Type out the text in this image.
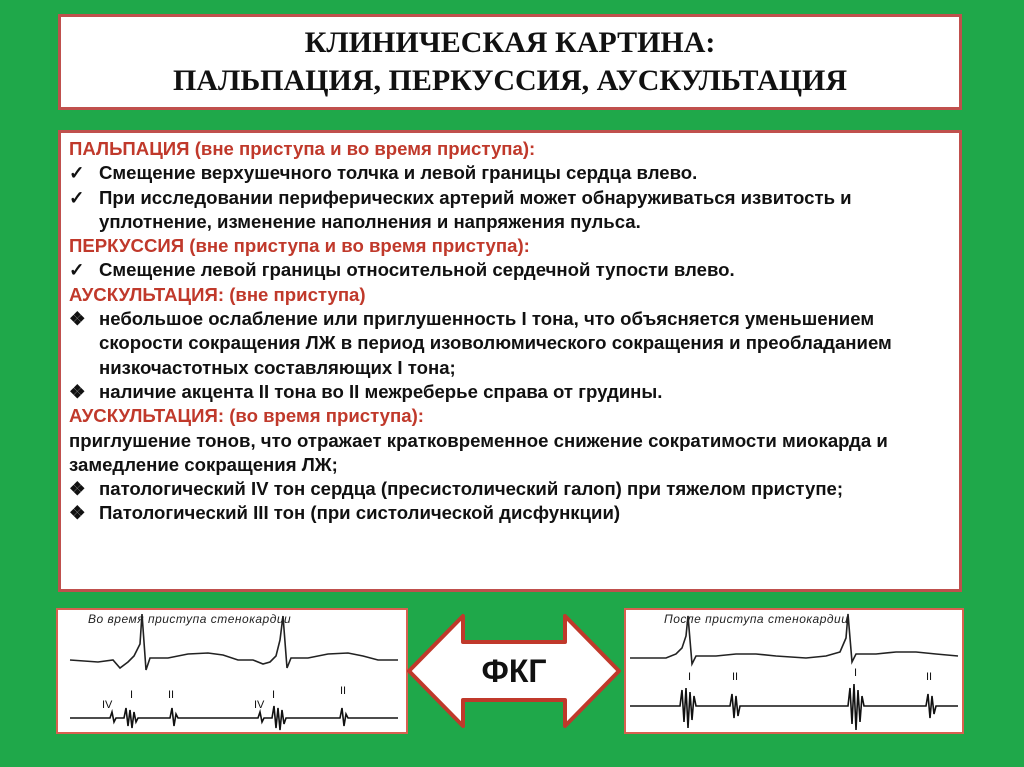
КЛИНИЧЕСКАЯ КАРТИНА:
ПАЛЬПАЦИЯ, ПЕРКУССИЯ, АУСКУЛЬТАЦИЯ
ПАЛЬПАЦИЯ (вне приступа и во время приступа):
✓ Смещение верхушечного толчка и левой границы сердца влево.
✓ При исследовании периферических артерий может обнаруживаться извитость и уплотнение, изменение наполнения и напряжения пульса.
ПЕРКУССИЯ (вне приступа и во время приступа):
✓ Смещение левой границы относительной сердечной тупости влево.
АУСКУЛЬТАЦИЯ: (вне приступа)
❖ небольшое ослабление или приглушенность I тона, что объясняется уменьшением скорости сокращения ЛЖ в период изоволюмического сокращения и преобладанием низкочастотных составляющих I тона;
❖ наличие акцента II тона во II межреберье справа от грудины.
АУСКУЛЬТАЦИЯ: (во время приступа):
приглушение тонов, что отражает кратковременное снижение сократимости миокарда и замедление сокращения ЛЖ;
❖ патологический IV тон сердца (пресистолический галоп) при тяжелом приступе;
❖ Патологический III тон (при систолической дисфункции)
Во время приступа стенокардии
IV
I	II
IV
I	II
ФКГ
После приступа стенокардии
I	II	I	II
